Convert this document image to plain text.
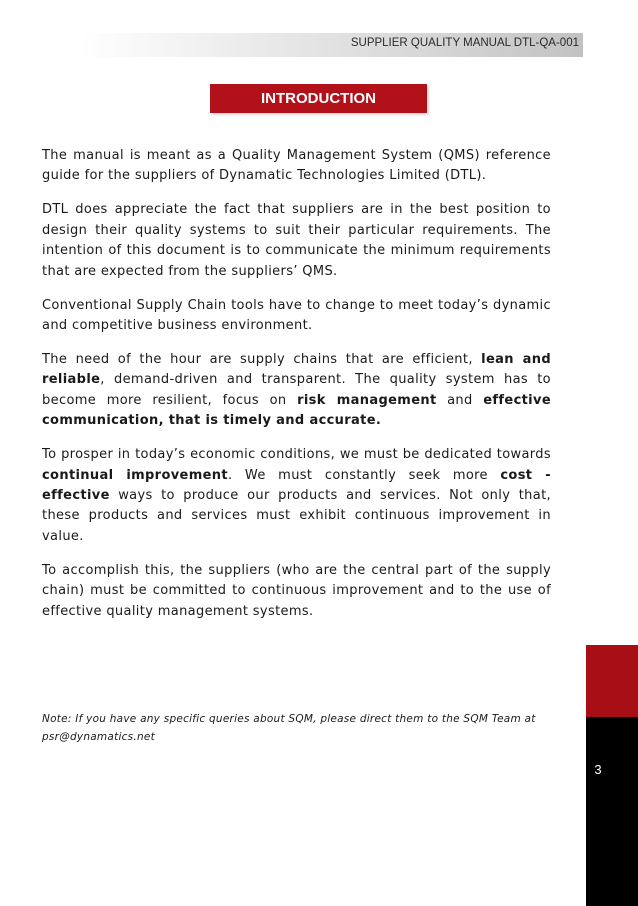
SUPPLIER QUALITY MANUAL DTL-QA-001
INTRODUCTION

The manual is meant as a Quality Management System (QMS) reference guide for the suppliers of Dynamatic Technologies Limited (DTL).

DTL does appreciate the fact that suppliers are in the best position to design their quality systems to suit their particular requirements. The intention of this document is to communicate the minimum requirements that are expected from the suppliers’ QMS.

Conventional Supply Chain tools have to change to meet today’s dynamic and competitive business environment.

The need of the hour are supply chains that are efficient, lean and reliable, demand-driven and transparent. The quality system has to become more resilient, focus on risk management and effective communication, that is timely and accurate.

To prosper in today’s economic conditions, we must be dedicated towards continual improvement. We must constantly seek more cost -effective ways to produce our products and services. Not only that, these products and services must exhibit continuous improvement in value.

To accomplish this, the suppliers (who are the central part of the supply chain) must be committed to continuous improvement and to the use of effective quality management systems.

Note: If you have any specific queries about SQM, please direct them to the SQM Team at psr@dynamatics.net
3
